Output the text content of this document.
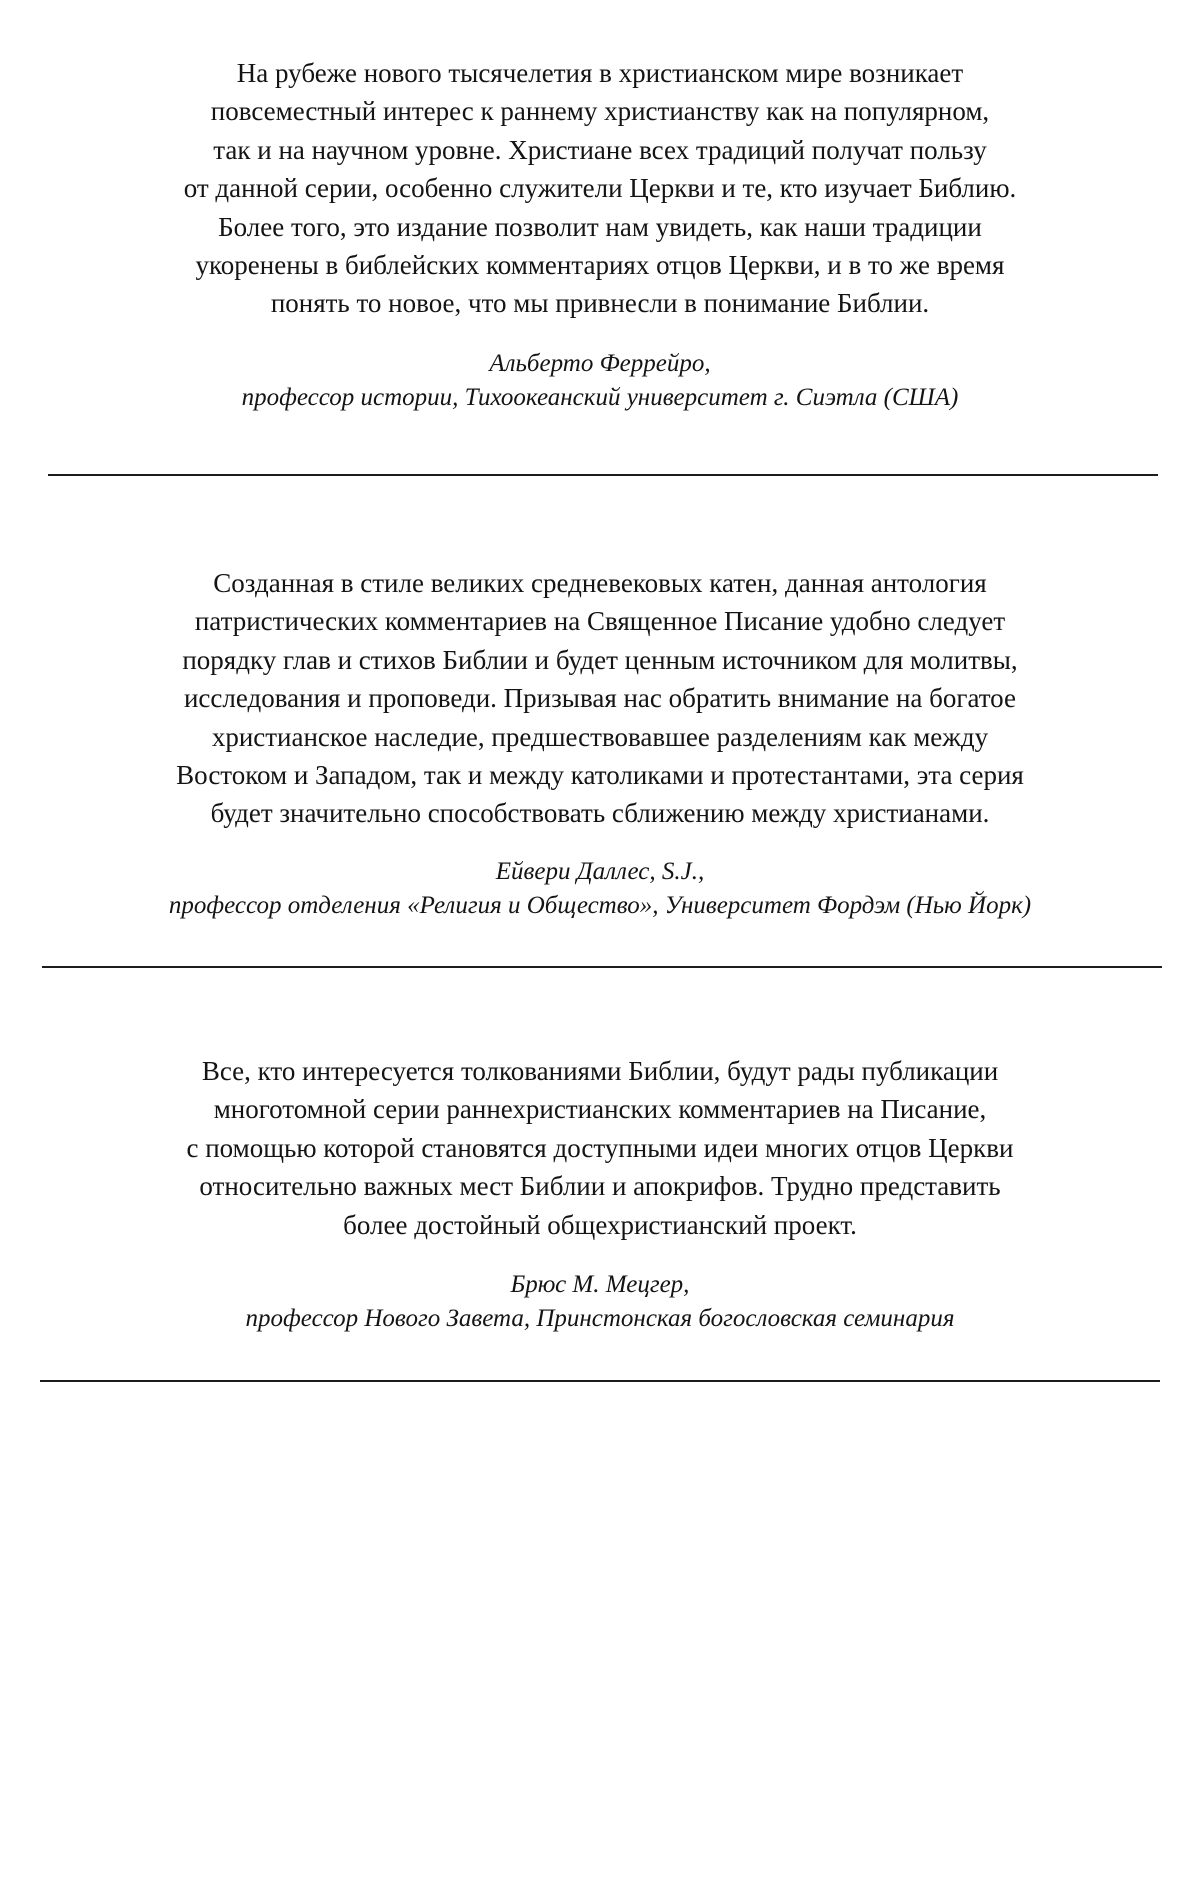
На рубеже нового тысячелетия в христианском мире возникает
повсеместный интерес к раннему христианству как на популярном,
так и на научном уровне. Христиане всех традиций получат пользу
от данной серии, особенно служители Церкви и те, кто изучает Библию.
Более того, это издание позволит нам увидеть, как наши традиции
укоренены в библейских комментариях отцов Церкви, и в то же время
понять то новое, что мы привнесли в понимание Библии.

Альберто Феррейро,
профессор истории, Тихоокеанский университет г. Сиэтла (США)

Созданная в стиле великих средневековых катен, данная антология
патристических комментариев на Священное Писание удобно следует
порядку глав и стихов Библии и будет ценным источником для молитвы,
исследования и проповеди. Призывая нас обратить внимание на богатое
христианское наследие, предшествовавшее разделениям как между
Востоком и Западом, так и между католиками и протестантами, эта серия
будет значительно способствовать сближению между христианами.

Ейвери Даллес, S.J.,
профессор отделения «Религия и Общество», Университет Фордэм (Нью Йорк)

Все, кто интересуется толкованиями Библии, будут рады публикации
многотомной серии раннехристианских комментариев на Писание,
с помощью которой становятся доступными идеи многих отцов Церкви
относительно важных мест Библии и апокрифов. Трудно представить
более достойный общехристианский проект.

Брюс М. Мецгер,
профессор Нового Завета, Принстонская богословская семинария
